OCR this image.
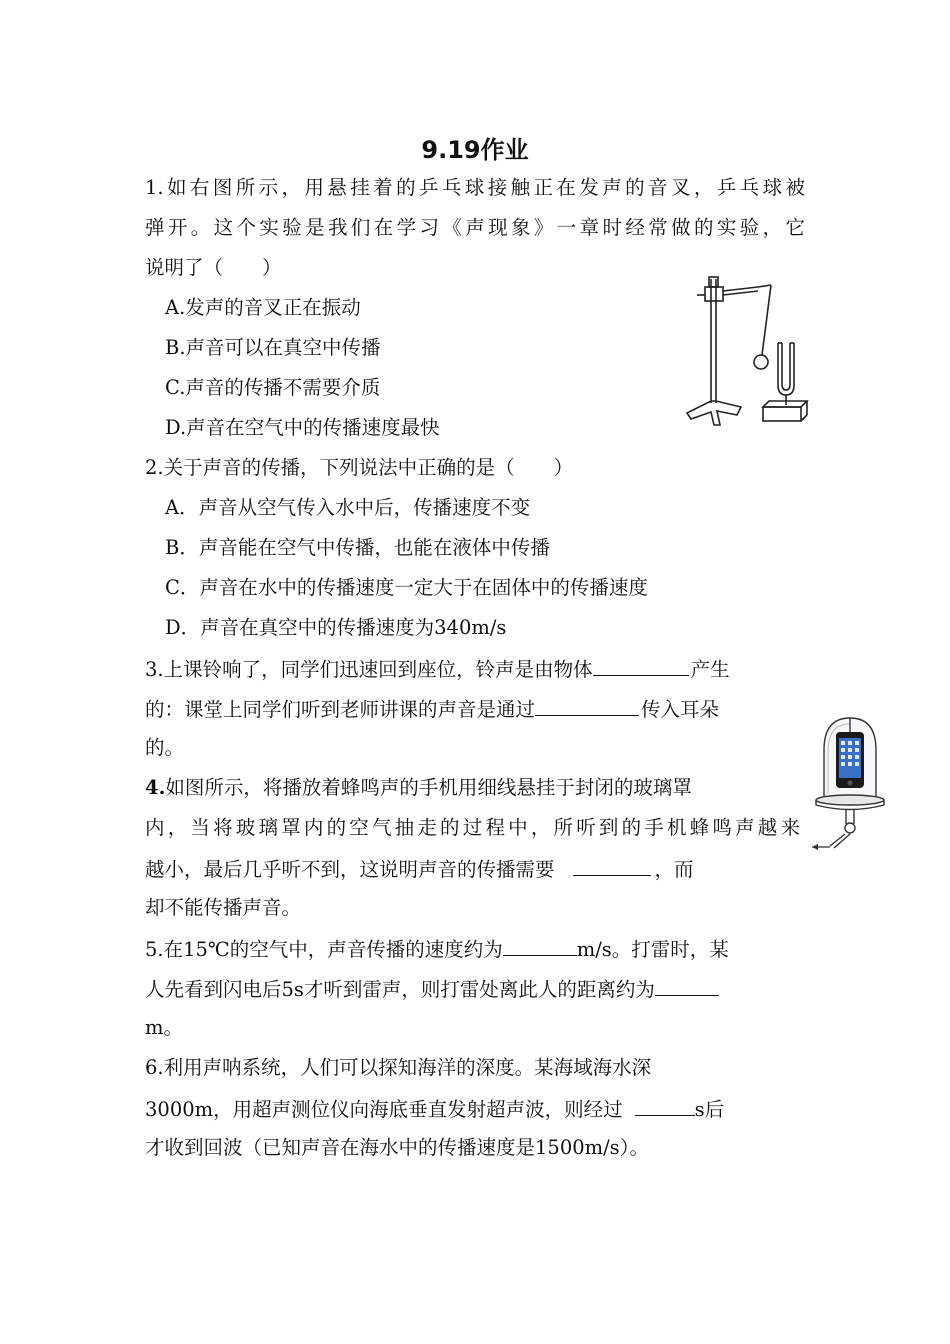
9.19作业
1.如右图所示，用悬挂着的乒乓球接触正在发声的音叉，乒乓球被
弹开。这个实验是我们在学习《声现象》一章时经常做的实验，它
说明了（　　）
A.发声的音叉正在振动
B.声音可以在真空中传播
C.声音的传播不需要介质
D.声音在空气中的传播速度最快
2.关于声音的传播，下列说法中正确的是（　　）
A．声音从空气传入水中后，传播速度不变
B．声音能在空气中传播，也能在液体中传播
C．声音在水中的传播速度一定大于在固体中的传播速度
D．声音在真空中的传播速度为340m/s
3.上课铃响了，同学们迅速回到座位，铃声是由物体	产生
的：课堂上同学们听到老师讲课的声音是通过	传入耳朵
的。
4.如图所示，将播放着蜂鸣声的手机用细线悬挂于封闭的玻璃罩
内，当将玻璃罩内的空气抽走的过程中，所听到的手机蜂鸣声越来
越小，最后几乎听不到，这说明声音的传播需要	，而
却不能传播声音。
5.在15℃的空气中，声音传播的速度约为	m/s。打雷时，某
人先看到闪电后5s才听到雷声，则打雷处离此人的距离约为
m。
6.利用声呐系统，人们可以探知海洋的深度。某海域海水深
3000m，用超声测位仪向海底垂直发射超声波，则经过	s后
才收到回波（已知声音在海水中的传播速度是1500m/s）。
